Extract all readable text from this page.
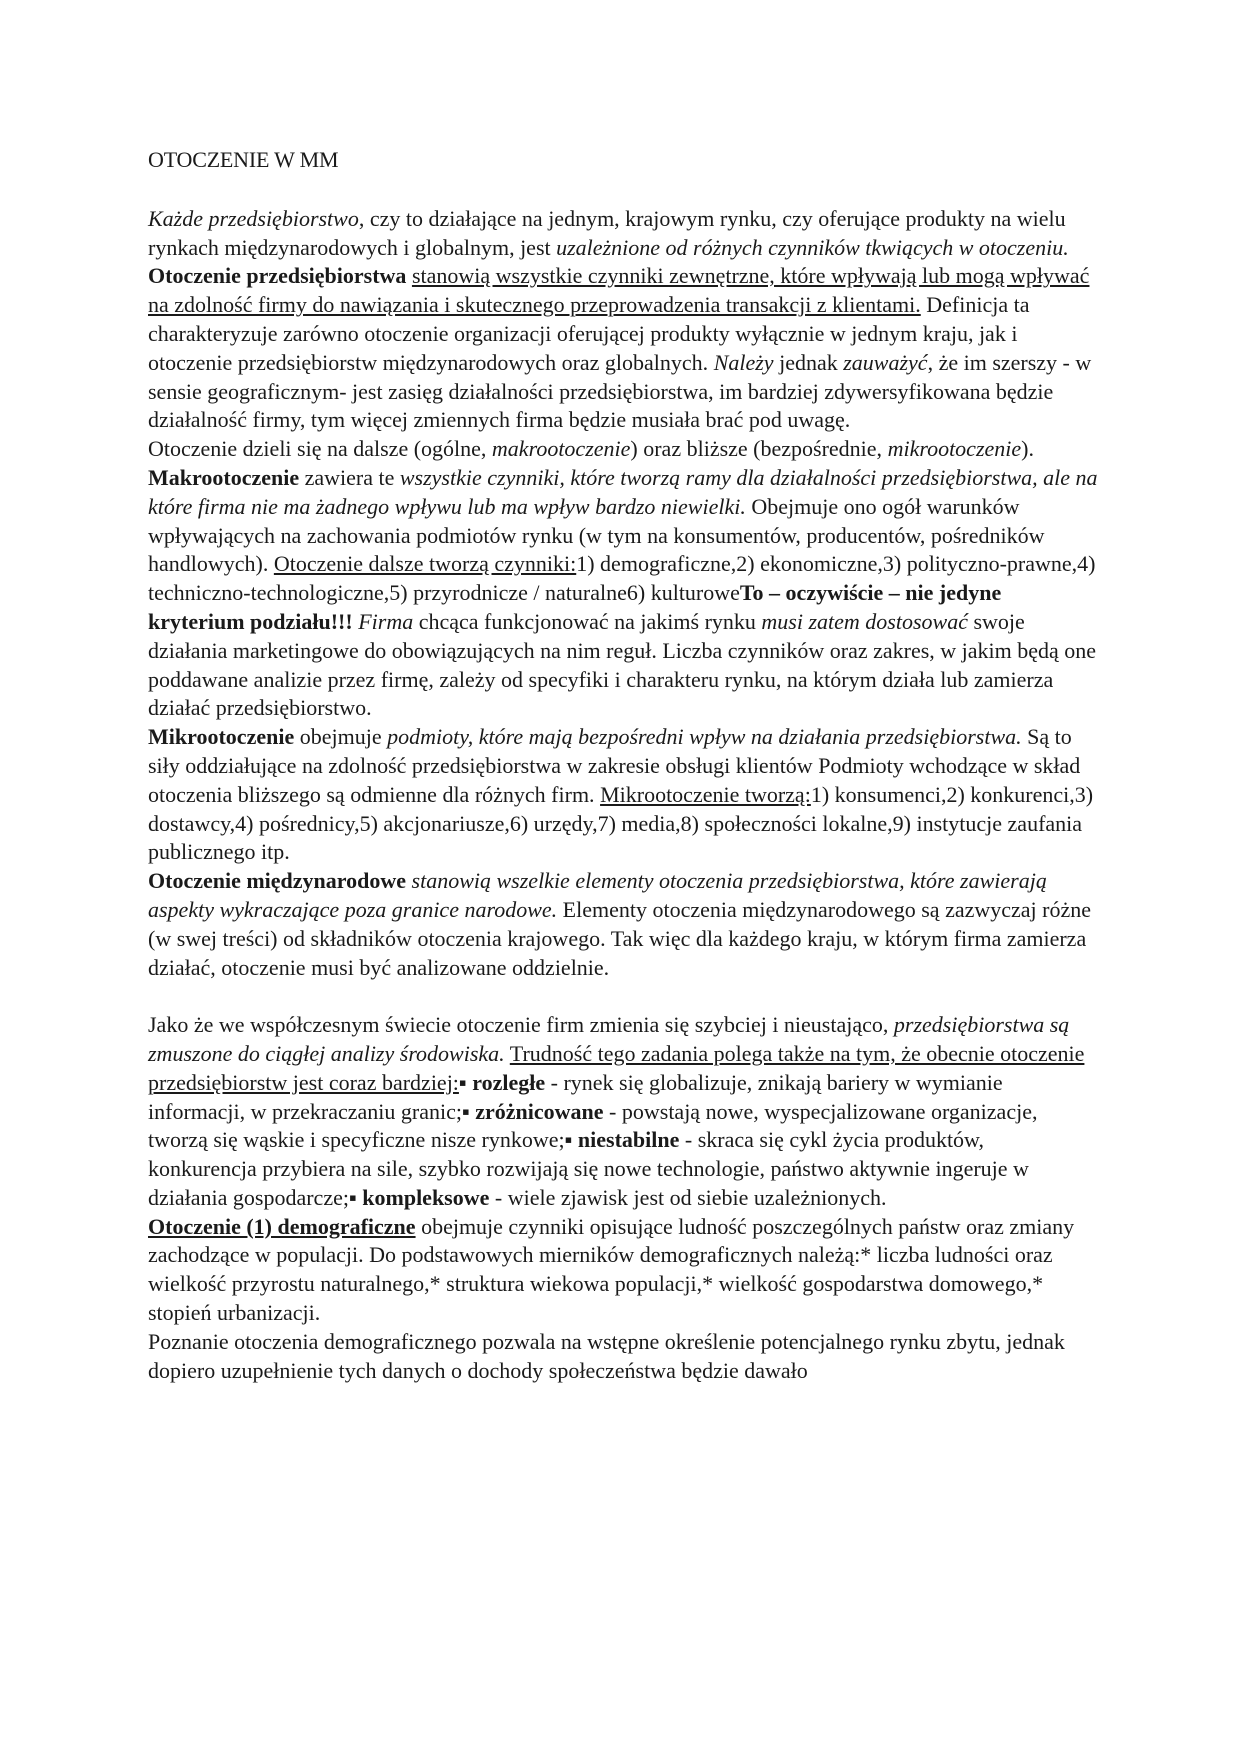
OTOCZENIE W MM

Każde przedsiębiorstwo, czy to działające na jednym, krajowym rynku, czy oferujące produkty na wielu rynkach międzynarodowych i globalnym, jest uzależnione od różnych czynników tkwiących w otoczeniu. Otoczenie przedsiębiorstwa stanowią wszystkie czynniki zewnętrzne, które wpływają lub mogą wpływać na zdolność firmy do nawiązania i skutecznego przeprowadzenia transakcji z klientami. Definicja ta charakteryzuje zarówno otoczenie organizacji oferującej produkty wyłącznie w jednym kraju, jak i otoczenie przedsiębiorstw międzynarodowych oraz globalnych. Należy jednak zauważyć, że im szerszy - w sensie geograficznym- jest zasięg działalności przedsiębiorstwa, im bardziej zdywersyfikowana będzie działalność firmy, tym więcej zmiennych firma będzie musiała brać pod uwagę.

Otoczenie dzieli się na dalsze (ogólne, makrootoczenie) oraz bliższe (bezpośrednie, mikrootoczenie).

Makrootoczenie zawiera te wszystkie czynniki, które tworzą ramy dla działalności przedsiębiorstwa, ale na które firma nie ma żadnego wpływu lub ma wpływ bardzo niewielki. Obejmuje ono ogół warunków wpływających na zachowania podmiotów rynku (w tym na konsumentów, producentów, pośredników handlowych). Otoczenie dalsze tworzą czynniki:1) demograficzne,2) ekonomiczne,3) polityczno-prawne,4) techniczno-technologiczne,5) przyrodnicze / naturalne6) kulturoweTo – oczywiście – nie jedyne kryterium podziału!!! Firma chcąca funkcjonować na jakimś rynku musi zatem dostosować swoje działania marketingowe do obowiązujących na nim reguł. Liczba czynników oraz zakres, w jakim będą one poddawane analizie przez firmę, zależy od specyfiki i charakteru rynku, na którym działa lub zamierza działać przedsiębiorstwo.

Mikrootoczenie obejmuje podmioty, które mają bezpośredni wpływ na działania przedsiębiorstwa. Są to siły oddziałujące na zdolność przedsiębiorstwa w zakresie obsługi klientów Podmioty wchodzące w skład otoczenia bliższego są odmienne dla różnych firm. Mikrootoczenie tworzą:1) konsumenci,2) konkurenci,3) dostawcy,4) pośrednicy,5) akcjonariusze,6) urzędy,7) media,8) społeczności lokalne,9) instytucje zaufania publicznego itp.

Otoczenie międzynarodowe stanowią wszelkie elementy otoczenia przedsiębiorstwa, które zawierają aspekty wykraczające poza granice narodowe. Elementy otoczenia międzynarodowego są zazwyczaj różne (w swej treści) od składników otoczenia krajowego. Tak więc dla każdego kraju, w którym firma zamierza działać, otoczenie musi być analizowane oddzielnie.

Jako że we współczesnym świecie otoczenie firm zmienia się szybciej i nieustająco, przedsiębiorstwa są zmuszone do ciągłej analizy środowiska. Trudność tego zadania polega także na tym, że obecnie otoczenie przedsiębiorstw jest coraz bardziej:▪ rozległe - rynek się globalizuje, znikają bariery w wymianie informacji, w przekraczaniu granic;▪ zróżnicowane - powstają nowe, wyspecjalizowane organizacje, tworzą się wąskie i specyficzne nisze rynkowe;▪ niestabilne - skraca się cykl życia produktów, konkurencja przybiera na sile, szybko rozwijają się nowe technologie, państwo aktywnie ingeruje w działania gospodarcze;▪ kompleksowe - wiele zjawisk jest od siebie uzależnionych.

Otoczenie (1) demograficzne obejmuje czynniki opisujące ludność poszczególnych państw oraz zmiany zachodzące w populacji. Do podstawowych mierników demograficznych należą:* liczba ludności oraz wielkość przyrostu naturalnego,* struktura wiekowa populacji,* wielkość gospodarstwa domowego,* stopień urbanizacji.

Poznanie otoczenia demograficznego pozwala na wstępne określenie potencjalnego rynku zbytu, jednak dopiero uzupełnienie tych danych o dochody społeczeństwa będzie dawało
